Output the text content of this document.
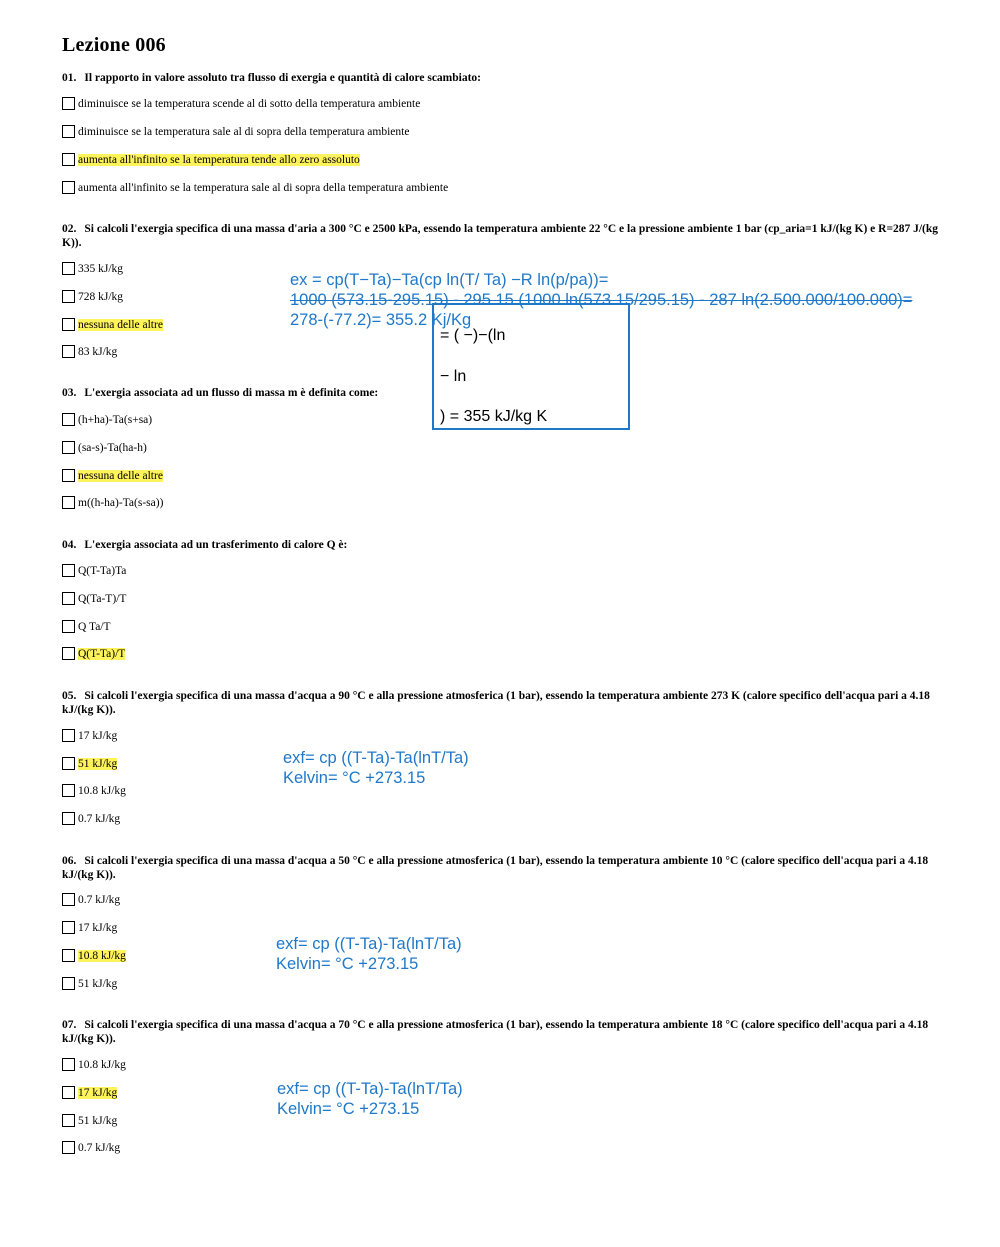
Lezione 006
01. Il rapporto in valore assoluto tra flusso di exergia e quantità di calore scambiato:
diminuisce se la temperatura scende al di sotto della temperatura ambiente
diminuisce se la temperatura sale al di sopra della temperatura ambiente
aumenta all'infinito se la temperatura tende allo zero assoluto
aumenta all'infinito se la temperatura sale al di sopra della temperatura ambiente
02. Si calcoli l'exergia specifica di una massa d'aria a 300 °C e 2500 kPa, essendo la temperatura ambiente 22 °C e la pressione ambiente 1 bar (cp_aria=1 kJ/(kg K) e R=287 J/(kg K)).
335 kJ/kg
728 kJ/kg
nessuna delle altre
83 kJ/kg
= ( −)−(ln
− ln
) = 355 kJ/kg K
ex = cp(T−Ta)−Ta(cp ln(T/ Ta) −R ln(p/pa))=
1000 (573.15-295.15) - 295.15 (1000 ln(573.15/295.15) - 287 ln(2.500.000/100.000)=
278-(-77.2)= 355.2 Kj/Kg
03. L'exergia associata ad un flusso di massa m è definita come:
(h+ha)-Ta(s+sa)
(sa-s)-Ta(ha-h)
nessuna delle altre
m((h-ha)-Ta(s-sa))
04. L'exergia associata ad un trasferimento di calore Q è:
Q(T-Ta)Ta
Q(Ta-T)/T
Q Ta/T
Q(T-Ta)/T
05. Si calcoli l'exergia specifica di una massa d'acqua a 90 °C e alla pressione atmosferica (1 bar), essendo la temperatura ambiente 273 K (calore specifico dell'acqua pari a 4.18 kJ/(kg K)).
17 kJ/kg
51 kJ/kg
10.8 kJ/kg
0.7 kJ/kg
exf= cp ((T-Ta)-Ta(lnT/Ta)
Kelvin= °C +273.15
06. Si calcoli l'exergia specifica di una massa d'acqua a 50 °C e alla pressione atmosferica (1 bar), essendo la temperatura ambiente 10 °C (calore specifico dell'acqua pari a 4.18 kJ/(kg K)).
0.7 kJ/kg
17 kJ/kg
10.8 kJ/kg
51 kJ/kg
exf= cp ((T-Ta)-Ta(lnT/Ta)
Kelvin= °C +273.15
07. Si calcoli l'exergia specifica di una massa d'acqua a 70 °C e alla pressione atmosferica (1 bar), essendo la temperatura ambiente 18 °C (calore specifico dell'acqua pari a 4.18 kJ/(kg K)).
10.8 kJ/kg
17 kJ/kg
51 kJ/kg
0.7 kJ/kg
exf= cp ((T-Ta)-Ta(lnT/Ta)
Kelvin= °C +273.15
